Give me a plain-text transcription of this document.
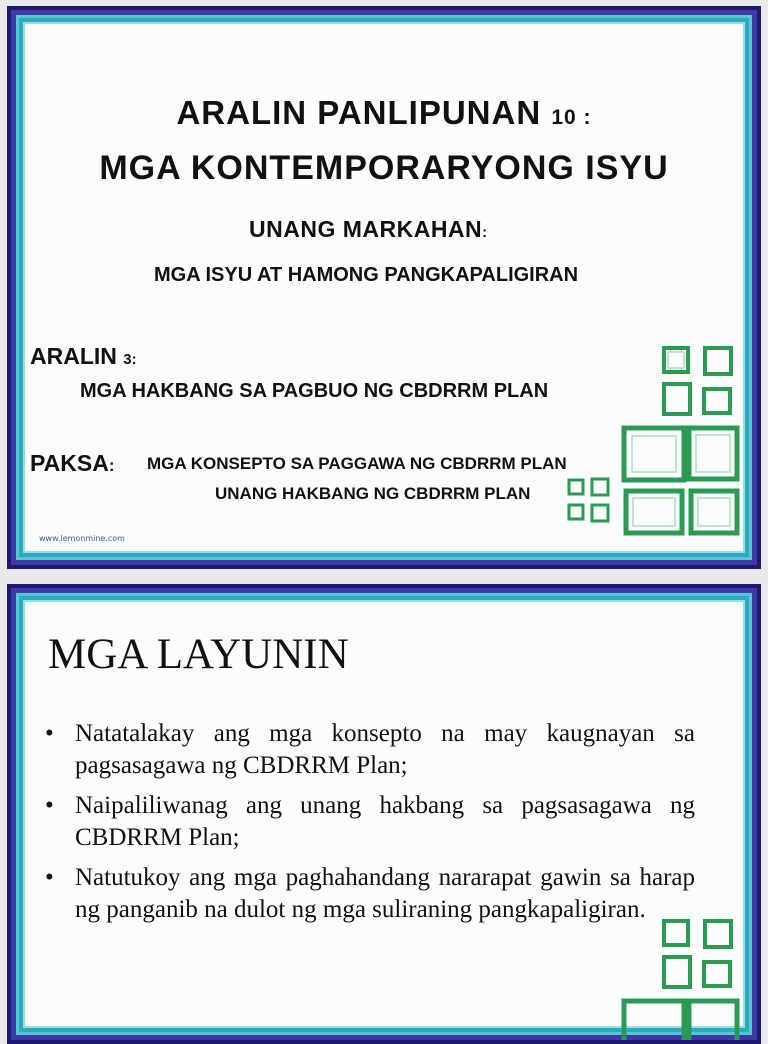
ARALIN PANLIPUNAN 10 :
MGA KONTEMPORARYONG ISYU
UNANG MARKAHAN:
MGA ISYU AT HAMONG PANGKAPALIGIRAN
ARALIN 3:
MGA HAKBANG SA PAGBUO NG CBDRRM PLAN
PAKSA: MGA KONSEPTO SA PAGGAWA NG CBDRRM PLAN
UNANG HAKBANG NG CBDRRM PLAN
www.lemonmine.com
MGA LAYUNIN
• Natatalakay ang mga konsepto na may kaugnayan sa pagsasagawa ng CBDRRM Plan;
• Naipaliliwanag ang unang hakbang sa pagsasagawa ng CBDRRM Plan;
• Natutukoy ang mga paghahandang nararapat gawin sa harap ng panganib na dulot ng mga suliraning pangkapaligiran.
